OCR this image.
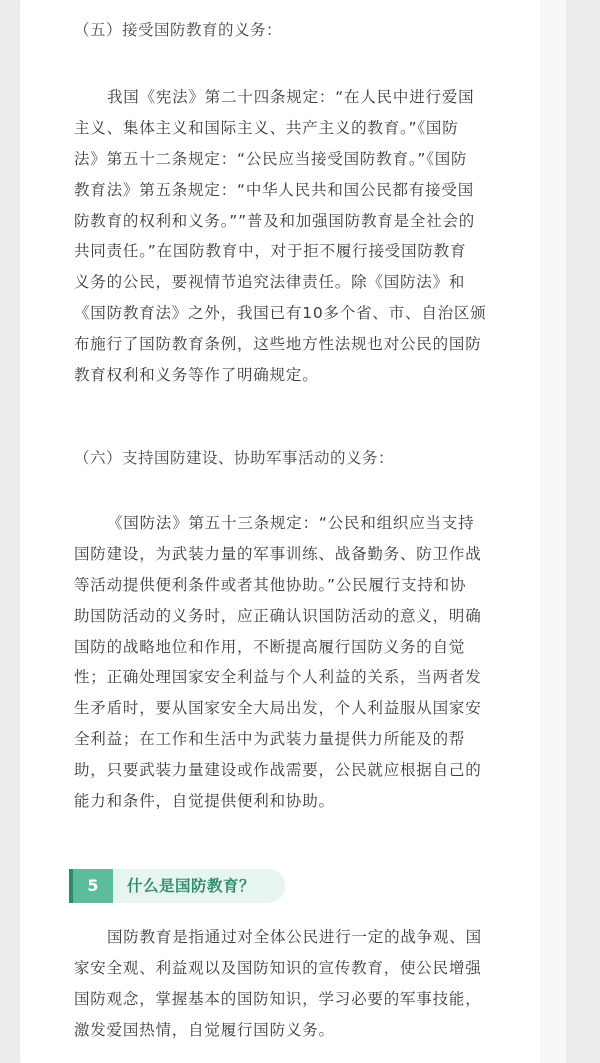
（五）接受国防教育的义务：
我国《宪法》第二十四条规定：“在人民中进行爱国
主义、集体主义和国际主义、共产主义的教育。”《国防
法》第五十二条规定：“公民应当接受国防教育。”《国防
教育法》第五条规定：“中华人民共和国公民都有接受国
防教育的权利和义务。””普及和加强国防教育是全社会的
共同责任。”在国防教育中，对于拒不履行接受国防教育
义务的公民，要视情节追究法律责任。除《国防法》和
《国防教育法》之外，我国已有10多个省、市、自治区颁
布施行了国防教育条例，这些地方性法规也对公民的国防
教育权利和义务等作了明确规定。
（六）支持国防建设、协助军事活动的义务：
《国防法》第五十三条规定：“公民和组织应当支持
国防建设，为武装力量的军事训练、战备勤务、防卫作战
等活动提供便利条件或者其他协助。”公民履行支持和协
助国防活动的义务时，应正确认识国防活动的意义，明确
国防的战略地位和作用，不断提高履行国防义务的自觉
性；正确处理国家安全利益与个人利益的关系，当两者发
生矛盾时，要从国家安全大局出发，个人利益服从国家安
全利益；在工作和生活中为武装力量提供力所能及的帮
助，只要武装力量建设或作战需要，公民就应根据自己的
能力和条件，自觉提供便利和协助。
5	什么是国防教育？
国防教育是指通过对全体公民进行一定的战争观、国
家安全观、利益观以及国防知识的宣传教育，使公民增强
国防观念，掌握基本的国防知识，学习必要的军事技能，
激发爱国热情，自觉履行国防义务。
